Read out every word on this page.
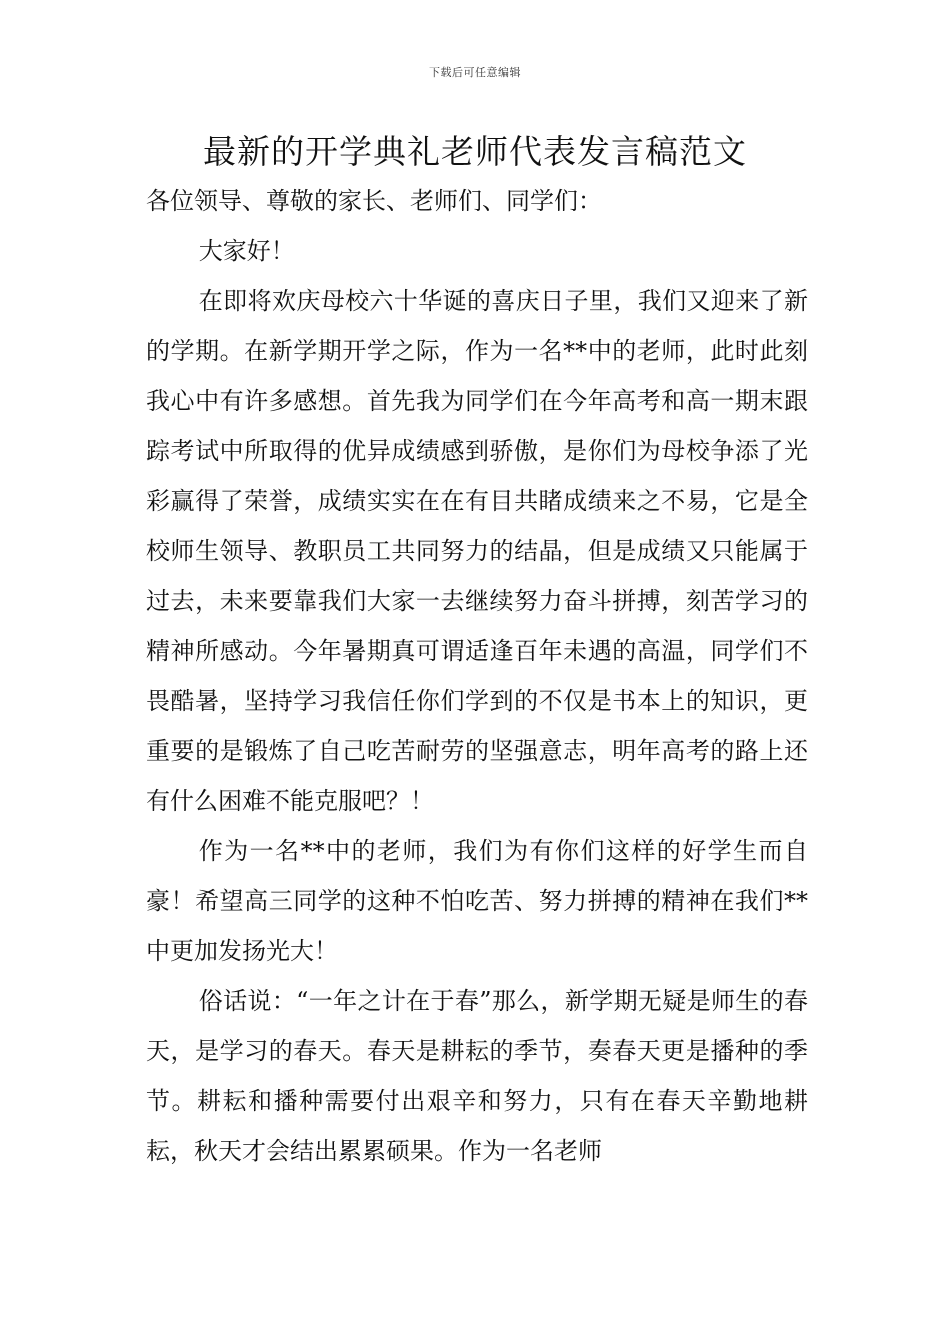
下载后可任意编辑
最新的开学典礼老师代表发言稿范文

各位领导、尊敬的家长、老师们、同学们：

大家好！

在即将欢庆母校六十华诞的喜庆日子里，我们又迎来了新的学期。在新学期开学之际，作为一名**中的老师，此时此刻我心中有许多感想。首先我为同学们在今年高考和高一期末跟踪考试中所取得的优异成绩感到骄傲，是你们为母校争添了光彩赢得了荣誉，成绩实实在在有目共睹成绩来之不易，它是全校师生领导、教职员工共同努力的结晶，但是成绩又只能属于过去，未来要靠我们大家一去继续努力奋斗拼搏，刻苦学习的精神所感动。今年暑期真可谓适逢百年未遇的高温，同学们不畏酷暑，坚持学习我信任你们学到的不仅是书本上的知识，更重要的是锻炼了自己吃苦耐劳的坚强意志，明年高考的路上还有什么困难不能克服吧？！

作为一名**中的老师，我们为有你们这样的好学生而自豪！希望高三同学的这种不怕吃苦、努力拼搏的精神在我们**中更加发扬光大！

俗话说：“一年之计在于春”那么，新学期无疑是师生的春天，是学习的春天。春天是耕耘的季节，奏春天更是播种的季节。耕耘和播种需要付出艰辛和努力，只有在春天辛勤地耕耘，秋天才会结出累累硕果。作为一名老师
